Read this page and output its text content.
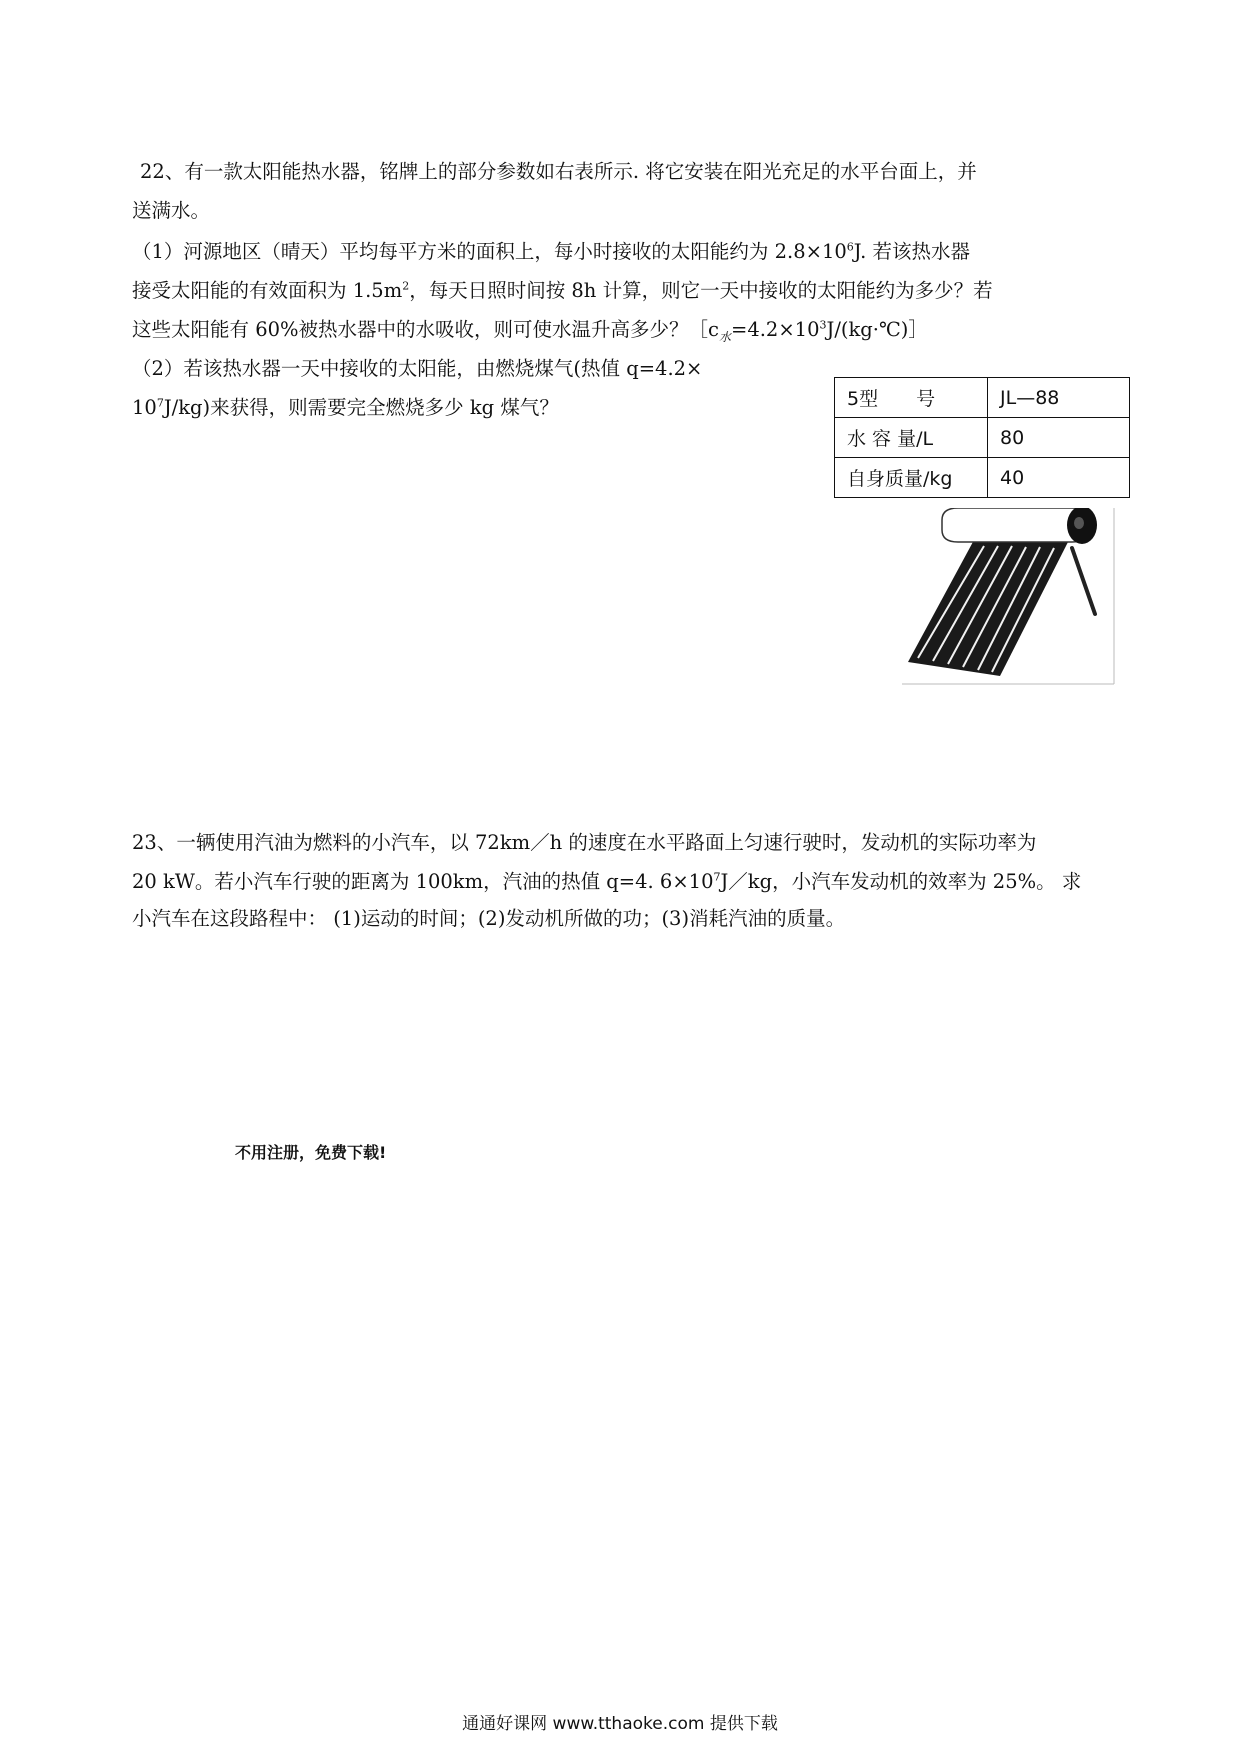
22、有一款太阳能热水器，铭牌上的部分参数如右表所示. 将它安装在阳光充足的水平台面上，并
送满水。
（1）河源地区（晴天）平均每平方米的面积上，每小时接收的太阳能约为 $2.8\times 10^6J$. 若该热水器
接受太阳能的有效面积为 $1.5m^2$，每天日照时间按 8h 计算，则它一天中接收的太阳能约为多少？若
这些太阳能有 60%被热水器中的水吸收，则可使水温升高多少？$[c_水=4.2\times 10^3J/(kg\cdot℃)]$
（2）若该热水器一天中接收的太阳能，由燃烧煤气(热值 q=4.2×
$10^7J/kg$)来获得，则需要完全燃烧多少 kg 煤气？	5型　　号	JL—88
水 容 量/L	80
自身质量/kg	40
23、一辆使用汽油为燃料的小汽车，以 72km／h 的速度在水平路面上匀速行驶时，发动机的实际功率为
20 kW。若小汽车行驶的距离为 100km，汽油的热值 q=4. $6\times 10^7J/kg$，小汽车发动机的效率为 25%。 求
小汽车在这段路程中： (1)运动的时间；(2)发动机所做的功；(3)消耗汽油的质量。
不用注册，免费下载!
通通好课网 www.tthaoke.com 提供下载
